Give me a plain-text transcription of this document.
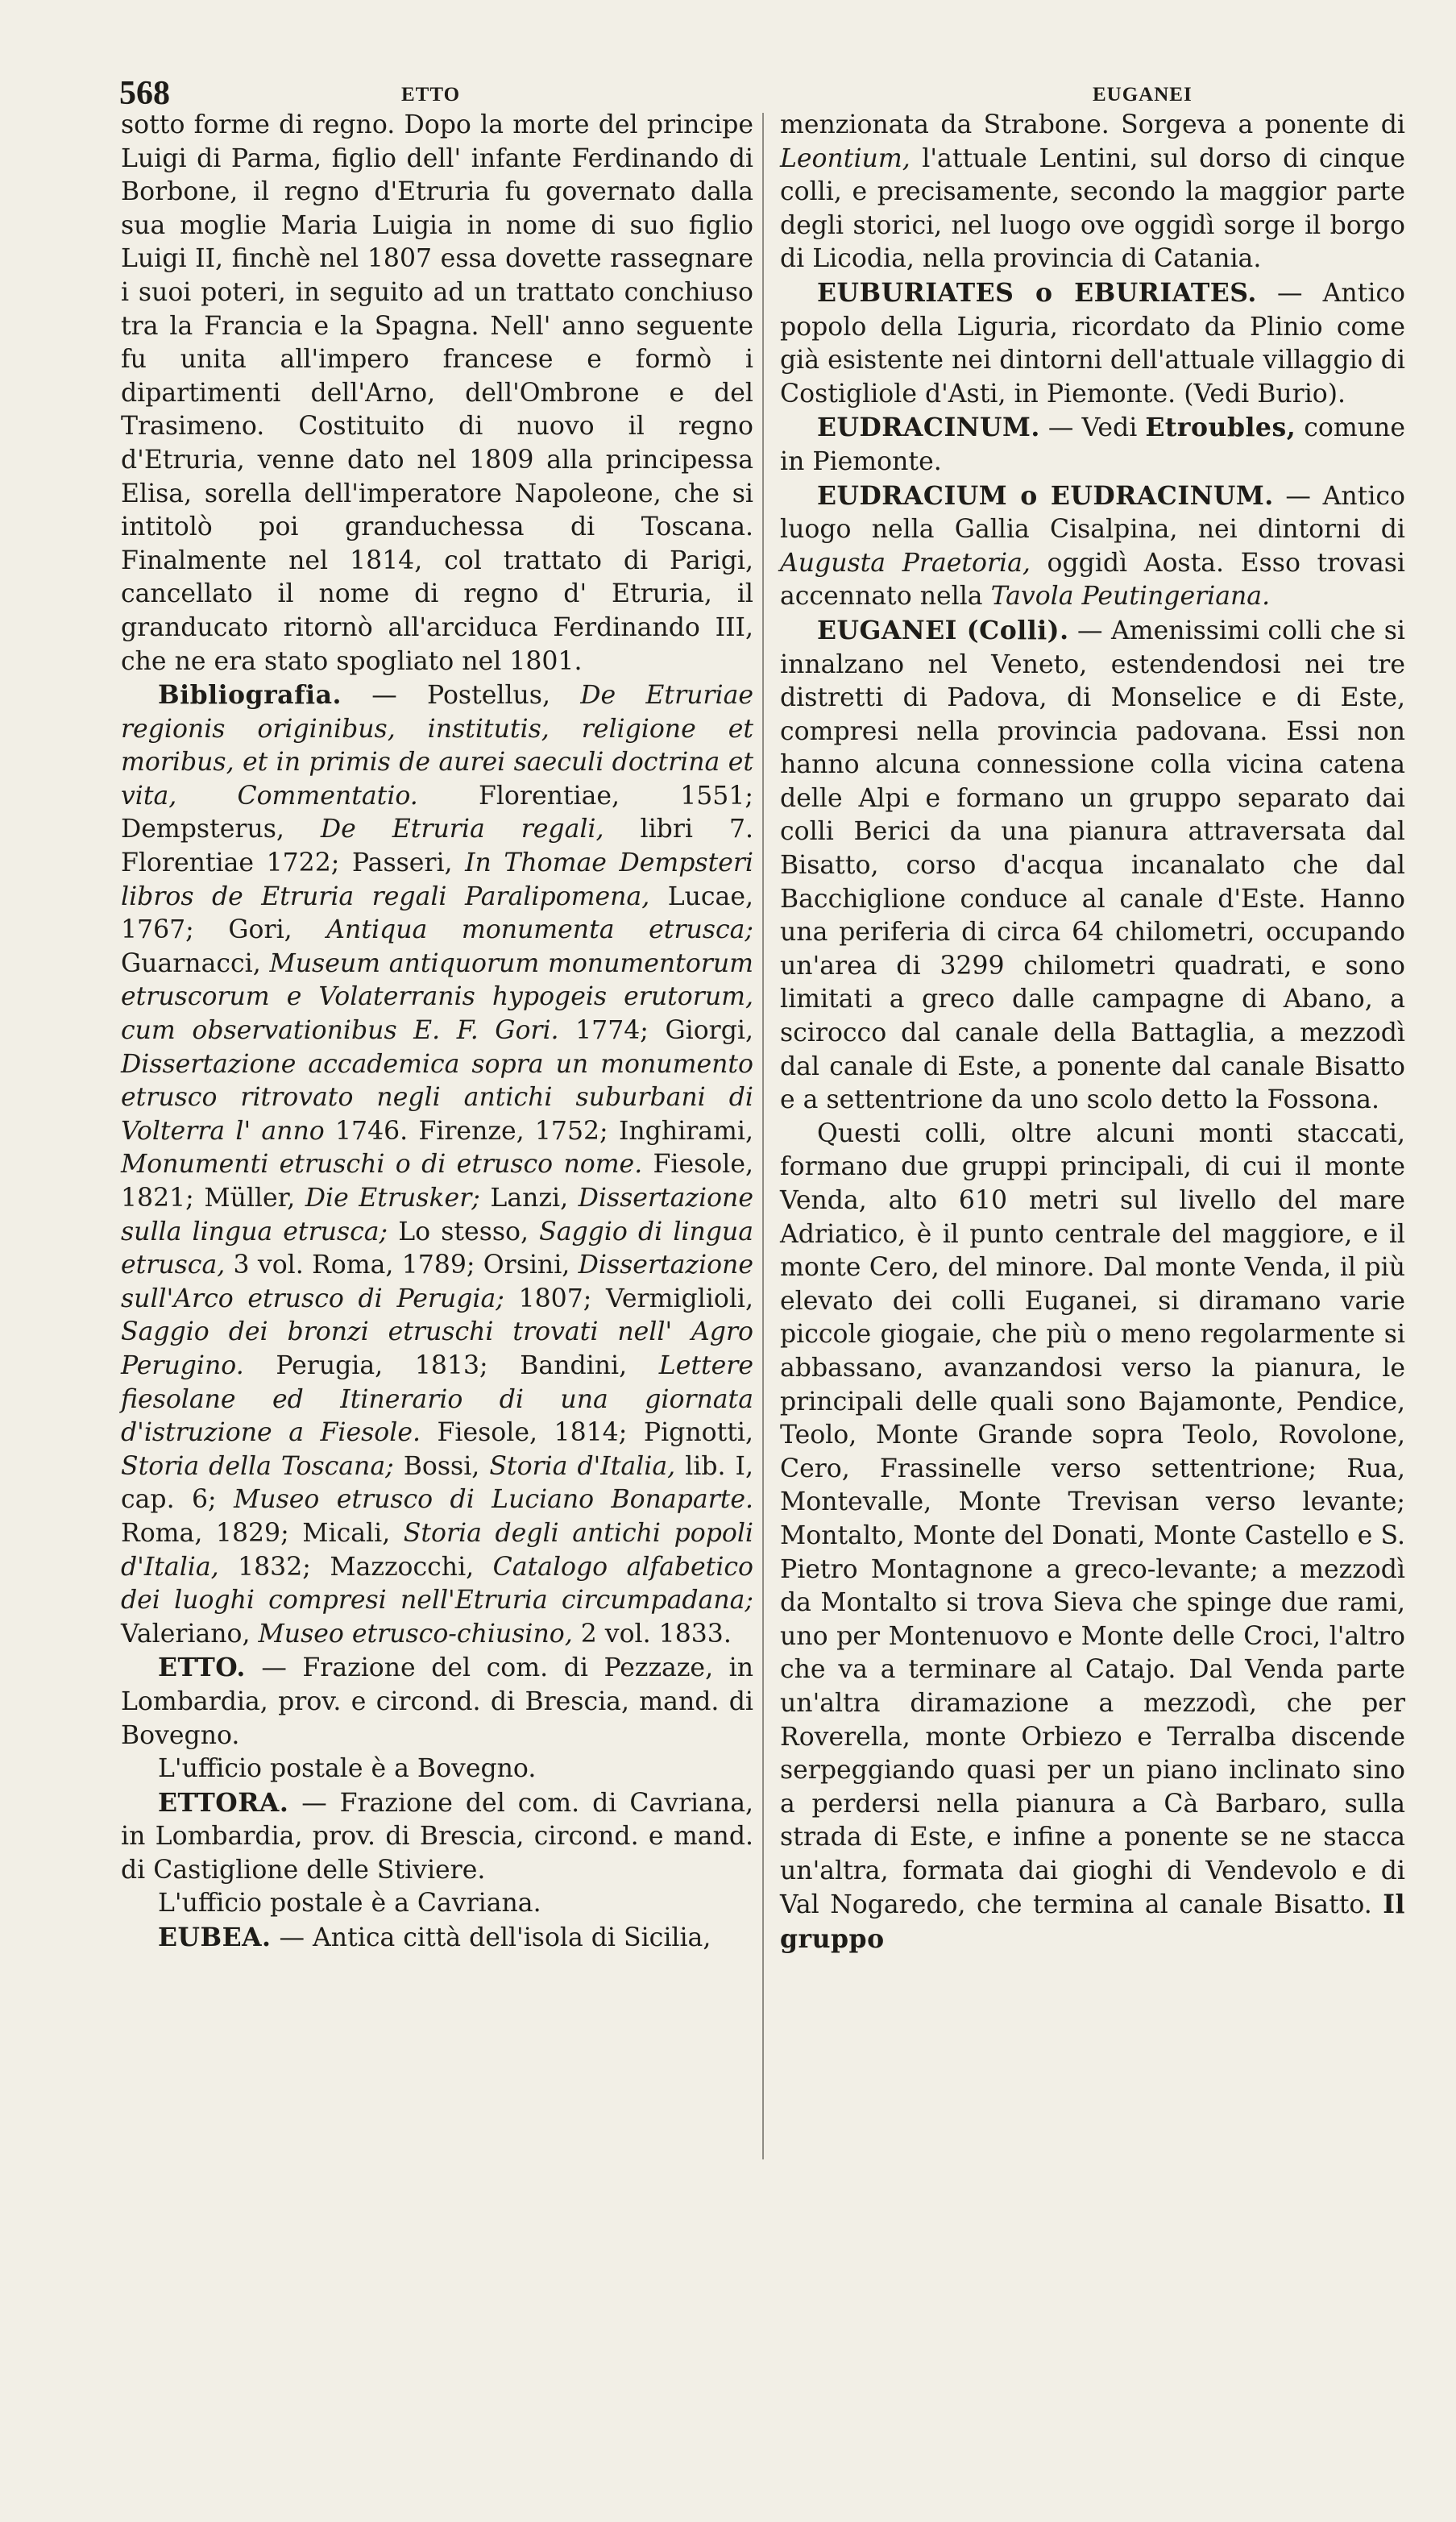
568	ETTO	EUGANEI

sotto forme di regno. Dopo la morte del principe Luigi di Parma, figlio dell' infante Ferdinando di Borbone, il regno d'Etruria fu governato dalla sua moglie Maria Luigia in nome di suo figlio Luigi II, finchè nel 1807 essa dovette rassegnare i suoi poteri, in seguito ad un trattato conchiuso tra la Francia e la Spagna. Nell' anno seguente fu unita all'impero francese e formò i dipartimenti dell'Arno, dell'Ombrone e del Trasimeno. Costituito di nuovo il regno d'Etruria, venne dato nel 1809 alla principessa Elisa, sorella dell'imperatore Napoleone, che si intitolò poi granduchessa di Toscana. Finalmente nel 1814, col trattato di Parigi, cancellato il nome di regno d' Etruria, il granducato ritornò all'arciduca Ferdinando III, che ne era stato spogliato nel 1801.

Bibliografia. — Postellus, De Etruriae regionis originibus, institutis, religione et moribus, et in primis de aurei saeculi doctrina et vita, Commentatio. Florentiae, 1551; Dempsterus, De Etruria regali, libri 7. Florentiae 1722; Passeri, In Thomae Dempsteri libros de Etruria regali Paralipomena, Lucae, 1767; Gori, Antiqua monumenta etrusca; Guarnacci, Museum antiquorum monumentorum etruscorum e Volaterranis hypogeis erutorum, cum observationibus E. F. Gori. 1774; Giorgi, Dissertazione accademica sopra un monumento etrusco ritrovato negli antichi suburbani di Volterra l' anno 1746. Firenze, 1752; Inghirami, Monumenti etruschi o di etrusco nome. Fiesole, 1821; Müller, Die Etrusker; Lanzi, Dissertazione sulla lingua etrusca; Lo stesso, Saggio di lingua etrusca, 3 vol. Roma, 1789; Orsini, Dissertazione sull'Arco etrusco di Perugia; 1807; Vermiglioli, Saggio dei bronzi etruschi trovati nell' Agro Perugino. Perugia, 1813; Bandini, Lettere fiesolane ed Itinerario di una giornata d'istruzione a Fiesole. Fiesole, 1814; Pignotti, Storia della Toscana; Bossi, Storia d'Italia, lib. I, cap. 6; Museo etrusco di Luciano Bonaparte. Roma, 1829; Micali, Storia degli antichi popoli d'Italia, 1832; Mazzocchi, Catalogo alfabetico dei luoghi compresi nell'Etruria circumpadana; Valeriano, Museo etrusco-chiusino, 2 vol. 1833.

ETTO. — Frazione del com. di Pezzaze, in Lombardia, prov. e circond. di Brescia, mand. di Bovegno.

L'ufficio postale è a Bovegno.

ETTORA. — Frazione del com. di Cavriana, in Lombardia, prov. di Brescia, circond. e mand. di Castiglione delle Stiviere.

L'ufficio postale è a Cavriana.

EUBEA. — Antica città dell'isola di Sicilia,

menzionata da Strabone. Sorgeva a ponente di Leontium, l'attuale Lentini, sul dorso di cinque colli, e precisamente, secondo la maggior parte degli storici, nel luogo ove oggidì sorge il borgo di Licodia, nella provincia di Catania.

EUBURIATES o EBURIATES. — Antico popolo della Liguria, ricordato da Plinio come già esistente nei dintorni dell'attuale villaggio di Costigliole d'Asti, in Piemonte. (Vedi Burio).

EUDRACINUM. — Vedi Etroubles, comune in Piemonte.

EUDRACIUM o EUDRACINUM. — Antico luogo nella Gallia Cisalpina, nei dintorni di Augusta Praetoria, oggidì Aosta. Esso trovasi accennato nella Tavola Peutingeriana.

EUGANEI (Colli). — Amenissimi colli che si innalzano nel Veneto, estendendosi nei tre distretti di Padova, di Monselice e di Este, compresi nella provincia padovana. Essi non hanno alcuna connessione colla vicina catena delle Alpi e formano un gruppo separato dai colli Berici da una pianura attraversata dal Bisatto, corso d'acqua incanalato che dal Bacchiglione conduce al canale d'Este. Hanno una periferia di circa 64 chilometri, occupando un'area di 3299 chilometri quadrati, e sono limitati a greco dalle campagne di Abano, a scirocco dal canale della Battaglia, a mezzodì dal canale di Este, a ponente dal canale Bisatto e a settentrione da uno scolo detto la Fossona.

Questi colli, oltre alcuni monti staccati, formano due gruppi principali, di cui il monte Venda, alto 610 metri sul livello del mare Adriatico, è il punto centrale del maggiore, e il monte Cero, del minore. Dal monte Venda, il più elevato dei colli Euganei, si diramano varie piccole giogaie, che più o meno regolarmente si abbassano, avanzandosi verso la pianura, le principali delle quali sono Bajamonte, Pendice, Teolo, Monte Grande sopra Teolo, Rovolone, Cero, Frassinelle verso settentrione; Rua, Montevalle, Monte Trevisan verso levante; Montalto, Monte del Donati, Monte Castello e S. Pietro Montagnone a greco-levante; a mezzodì da Montalto si trova Sieva che spinge due rami, uno per Montenuovo e Monte delle Croci, l'altro che va a terminare al Catajo. Dal Venda parte un'altra diramazione a mezzodì, che per Roverella, monte Orbiezo e Terralba discende serpeggiando quasi per un piano inclinato sino a perdersi nella pianura a Cà Barbaro, sulla strada di Este, e infine a ponente se ne stacca un'altra, formata dai gioghi di Vendevolo e di Val Nogaredo, che termina al canale Bisatto. Il gruppo
